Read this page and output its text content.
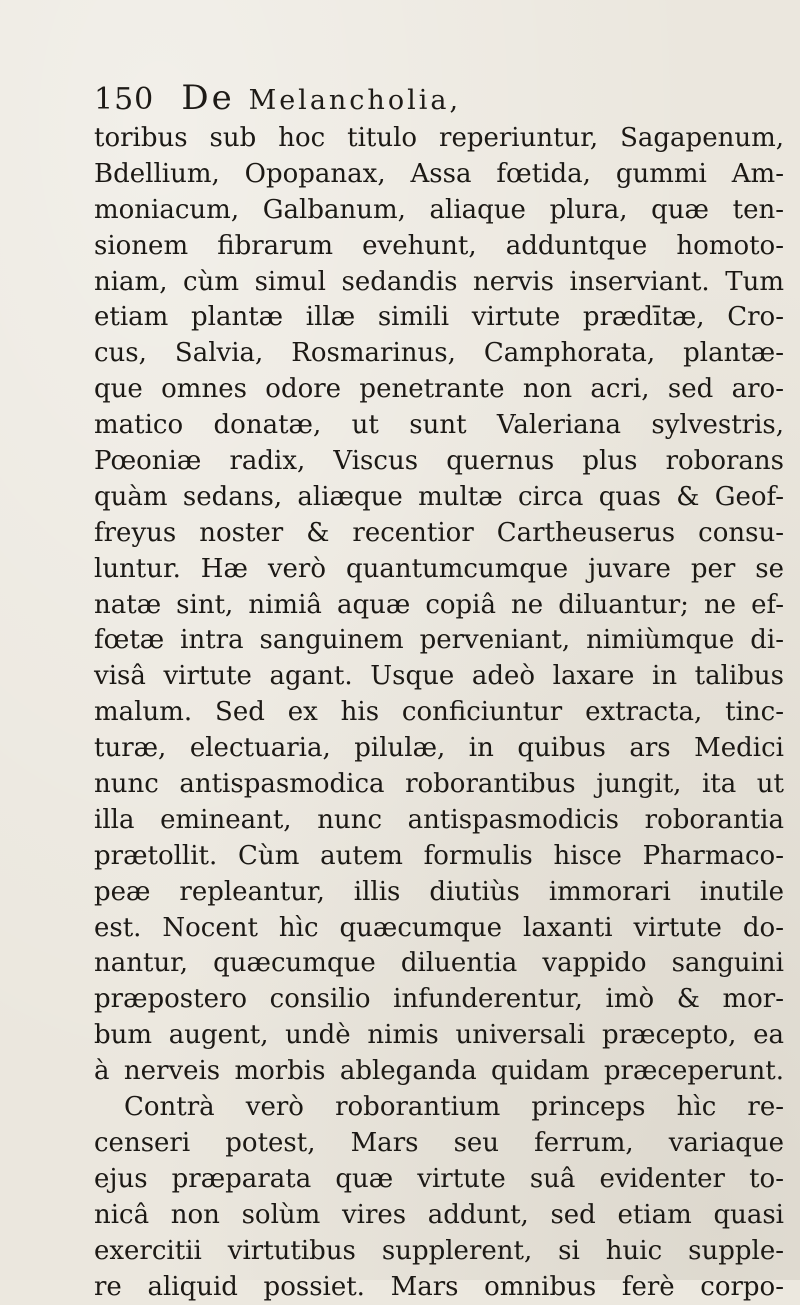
150 De Melancholia,
toribus sub hoc titulo reperiuntur, Sagapenum,
Bdellium, Opopanax, Assa fœtida, gummi Am-
moniacum, Galbanum, aliaque plura, quæ ten-
sionem fibrarum evehunt, adduntque homoto-
niam, cùm simul sedandis nervis inserviant. Tum
etiam plantæ illæ simili virtute prædītæ, Cro-
cus, Salvia, Rosmarinus, Camphorata, plantæ-
que omnes odore penetrante non acri, sed aro-
matico donatæ, ut sunt Valeriana sylvestris,
Pœoniæ radix, Viscus quernus plus roborans
quàm sedans, aliæque multæ circa quas & Geof-
freyus noster & recentior Cartheuserus consu-
luntur. Hæ verò quantumcumque juvare per se
natæ sint, nimiâ aquæ copiâ ne diluantur; ne ef-
fœtæ intra sanguinem perveniant, nimiùmque di-
visâ virtute agant. Usque adeò laxare in talibus
malum. Sed ex his conficiuntur extracta, tinc-
turæ, electuaria, pilulæ, in quibus ars Medici
nunc antispasmodica roborantibus jungit, ita ut
illa emineant, nunc antispasmodicis roborantia
prætollit. Cùm autem formulis hisce Pharmaco-
peæ repleantur, illis diutiùs immorari inutile
est. Nocent hìc quæcumque laxanti virtute do-
nantur, quæcumque diluentia vappido sanguini
præpostero consilio infunderentur, imò & mor-
bum augent, undè nimis universali præcepto, ea
à nerveis morbis ableganda quidam præceperunt.
Contrà verò roborantium princeps hìc re-
censeri potest, Mars seu ferrum, variaque
ejus præparata quæ virtute suâ evidenter to-
nicâ non solùm vires addunt, sed etiam quasi
exercitii virtutibus supplerent, si huic supple-
re aliquid possiet. Mars omnibus ferè corpo-
